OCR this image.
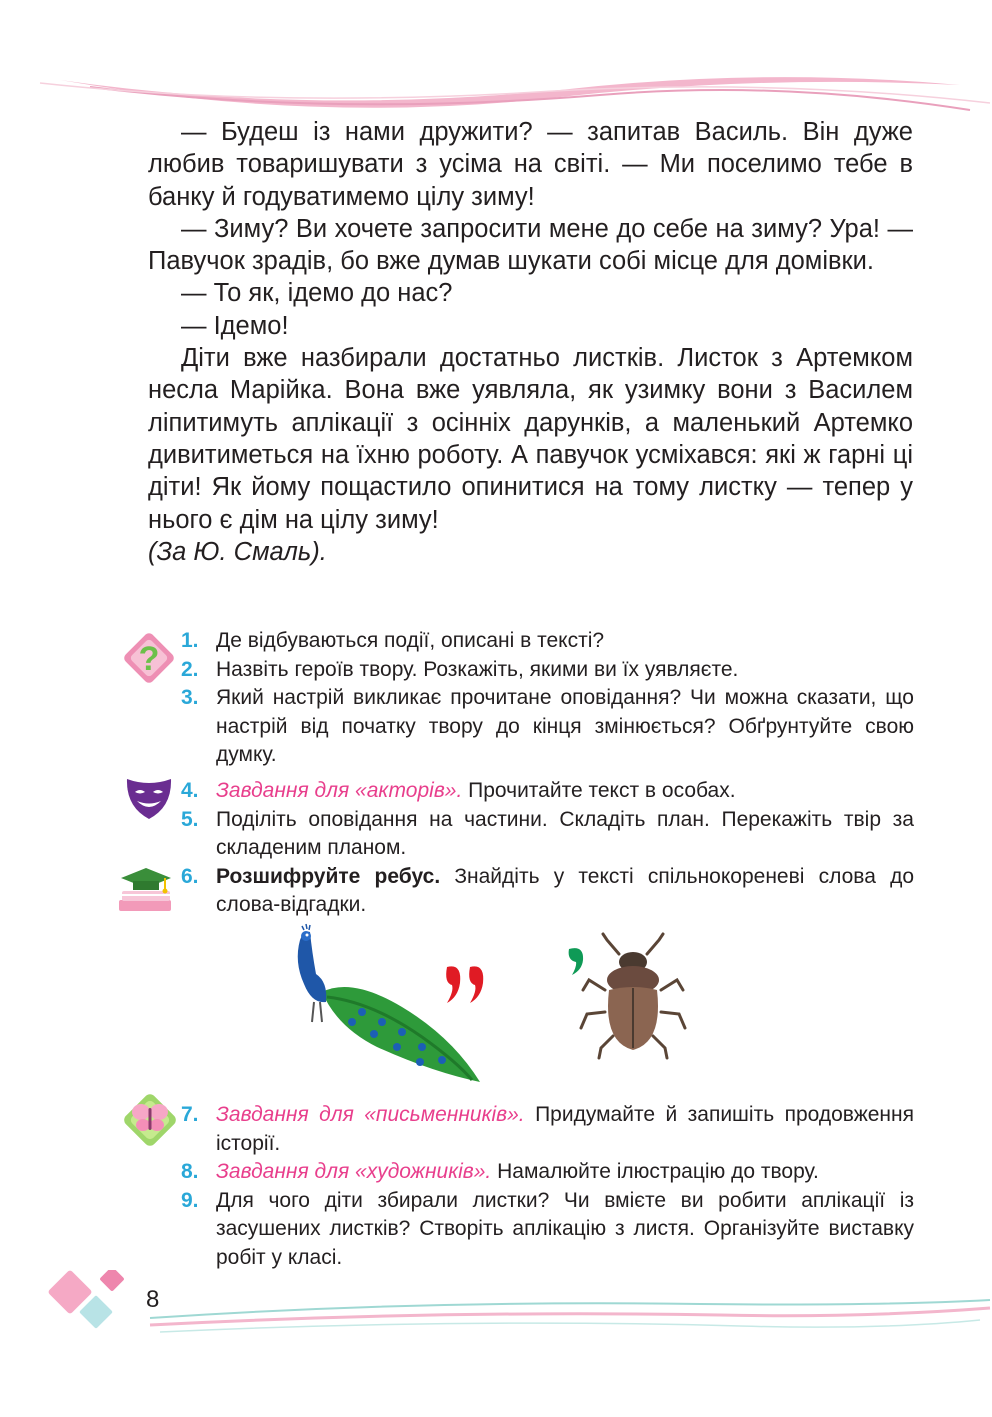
— Будеш із нами дружити? — запитав Василь. Він дуже любив товаришувати з усіма на світі. — Ми поселимо тебе в банку й годуватимемо цілу зиму!

— Зиму? Ви хочете запросити мене до себе на зиму? Ура! — Павучок зрадів, бо вже думав шукати собі місце для домівки.

— То як, ідемо до нас?

— Ідемо!

Діти вже назбирали достатньо листків. Листок з Артемком несла Марійка. Вона вже уявляла, як узимку вони з Василем ліпитимуть аплікації з осінніх дарунків, а маленький Артемко дивитиметься на їхню роботу. А павучок усміхався: які ж гарні ці діти! Як йому пощастило опинитися на тому листку — тепер у нього є дім на цілу зиму!

(За Ю. Смаль).

? 1. Де відбуваються події, описані в тексті?
2. Назвіть героїв твору. Розкажіть, якими ви їх уявляєте.
3. Який настрій викликає прочитане оповідання? Чи можна сказати, що настрій від початку твору до кінця змінюється? Обґрунтуйте свою думку.
4. Завдання для «акторів». Прочитайте текст в особах.
5. Поділіть оповідання на частини. Складіть план. Перекажіть твір за складеним планом.
6. Розшифруйте ребус. Знайдіть у тексті спільнокореневі слова до слова-відгадки.
7. Завдання для «письменників». Придумайте й запишіть продовження історії.
8. Завдання для «художників». Намалюйте ілюстрацію до твору.
9. Для чого діти збирали листки? Чи вмієте ви робити аплікації із засушених листків? Створіть аплікацію з листя. Організуйте виставку робіт у класі.
8
